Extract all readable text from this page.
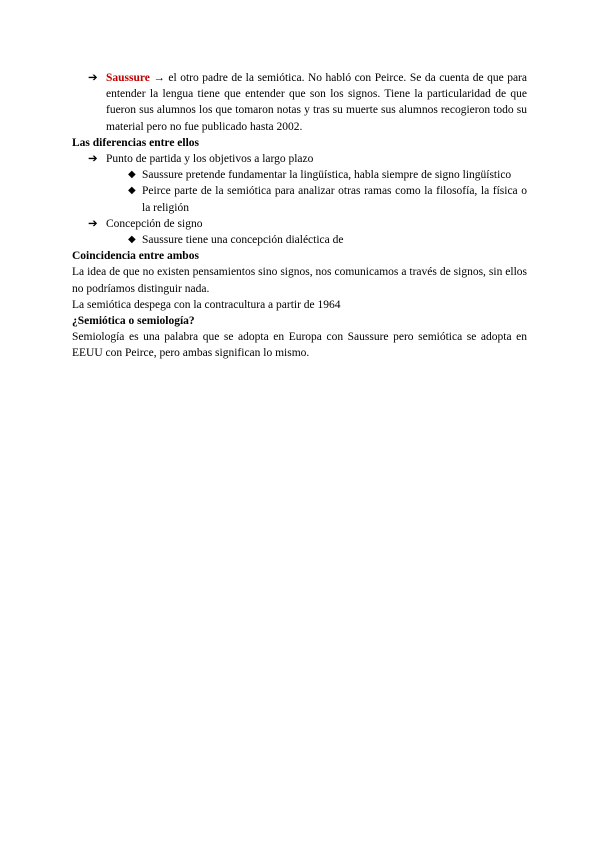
➔ Saussure → el otro padre de la semiótica. No habló con Peirce. Se da cuenta de que para entender la lengua tiene que entender que son los signos. Tiene la particularidad de que fueron sus alumnos los que tomaron notas y tras su muerte sus alumnos recogieron todo su material pero no fue publicado hasta 2002.

Las diferencias entre ellos

➔ Punto de partida y los objetivos a largo plazo

◆ Saussure pretende fundamentar la lingüística, habla siempre de signo lingüístico

◆ Peirce parte de la semiótica para analizar otras ramas como la filosofía, la física o la religión

➔ Concepción de signo

◆ Saussure tiene una concepción dialéctica de

Coincidencia entre ambos

La idea de que no existen pensamientos sino signos, nos comunicamos a través de signos, sin ellos no podríamos distinguir nada.

La semiótica despega con la contracultura a partir de 1964

¿Semiótica o semiología?

Semiología es una palabra que se adopta en Europa con Saussure pero semiótica se adopta en EEUU con Peirce, pero ambas significan lo mismo.
